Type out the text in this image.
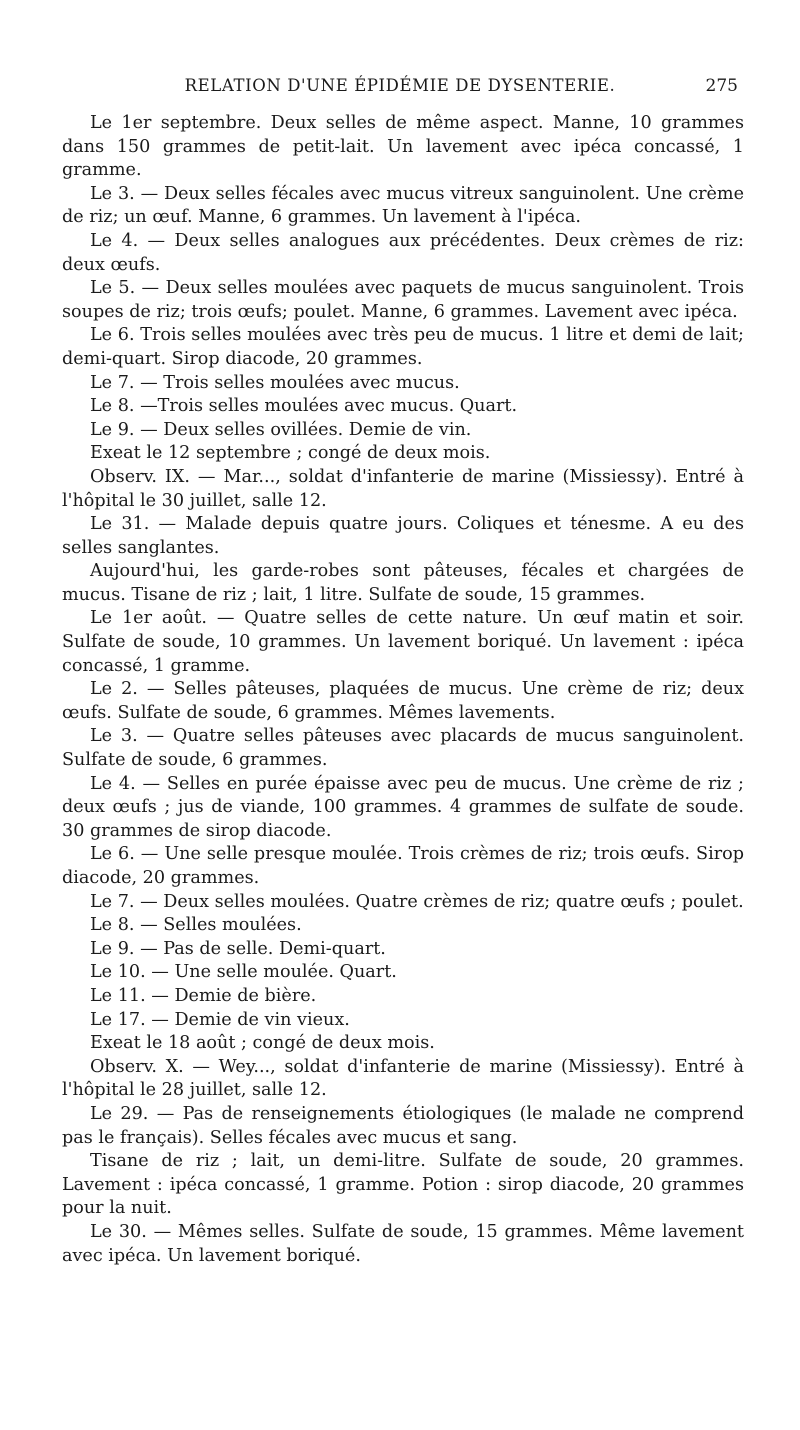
RELATION D'UNE ÉPIDÉMIE DE DYSENTERIE.	275

Le 1er septembre. Deux selles de même aspect. Manne, 10 grammes dans 150 grammes de petit-lait. Un lavement avec ipéca concassé, 1 gramme.

Le 3. — Deux selles fécales avec mucus vitreux sanguinolent. Une crème de riz; un œuf. Manne, 6 grammes. Un lavement à l'ipéca.

Le 4. — Deux selles analogues aux précédentes. Deux crèmes de riz: deux œufs.

Le 5. — Deux selles moulées avec paquets de mucus sanguinolent. Trois soupes de riz; trois œufs; poulet. Manne, 6 grammes. Lavement avec ipéca.

Le 6. Trois selles moulées avec très peu de mucus. 1 litre et demi de lait; demi-quart. Sirop diacode, 20 grammes.

Le 7. — Trois selles moulées avec mucus.

Le 8. —Trois selles moulées avec mucus. Quart.

Le 9. — Deux selles ovillées. Demie de vin.

Exeat le 12 septembre ; congé de deux mois.

Observ. IX. — Mar..., soldat d'infanterie de marine (Missiessy). Entré à l'hôpital le 30 juillet, salle 12.

Le 31. — Malade depuis quatre jours. Coliques et ténesme. A eu des selles sanglantes.

Aujourd'hui, les garde-robes sont pâteuses, fécales et chargées de mucus. Tisane de riz ; lait, 1 litre. Sulfate de soude, 15 grammes.

Le 1er août. — Quatre selles de cette nature. Un œuf matin et soir. Sulfate de soude, 10 grammes. Un lavement boriqué. Un lavement : ipéca concassé, 1 gramme.

Le 2. — Selles pâteuses, plaquées de mucus. Une crème de riz; deux œufs. Sulfate de soude, 6 grammes. Mêmes lavements.

Le 3. — Quatre selles pâteuses avec placards de mucus sanguinolent. Sulfate de soude, 6 grammes.

Le 4. — Selles en purée épaisse avec peu de mucus. Une crème de riz ; deux œufs ; jus de viande, 100 grammes. 4 grammes de sulfate de soude. 30 grammes de sirop diacode.

Le 6. — Une selle presque moulée. Trois crèmes de riz; trois œufs. Sirop diacode, 20 grammes.

Le 7. — Deux selles moulées. Quatre crèmes de riz; quatre œufs ; poulet.

Le 8. — Selles moulées.

Le 9. — Pas de selle. Demi-quart.

Le 10. — Une selle moulée. Quart.

Le 11. — Demie de bière.

Le 17. — Demie de vin vieux.

Exeat le 18 août ; congé de deux mois.

Observ. X. — Wey..., soldat d'infanterie de marine (Missiessy). Entré à l'hôpital le 28 juillet, salle 12.

Le 29. — Pas de renseignements étiologiques (le malade ne comprend pas le français). Selles fécales avec mucus et sang.

Tisane de riz ; lait, un demi-litre. Sulfate de soude, 20 grammes. Lavement : ipéca concassé, 1 gramme. Potion : sirop diacode, 20 grammes pour la nuit.

Le 30. — Mêmes selles. Sulfate de soude, 15 grammes. Même lavement avec ipéca. Un lavement boriqué.
